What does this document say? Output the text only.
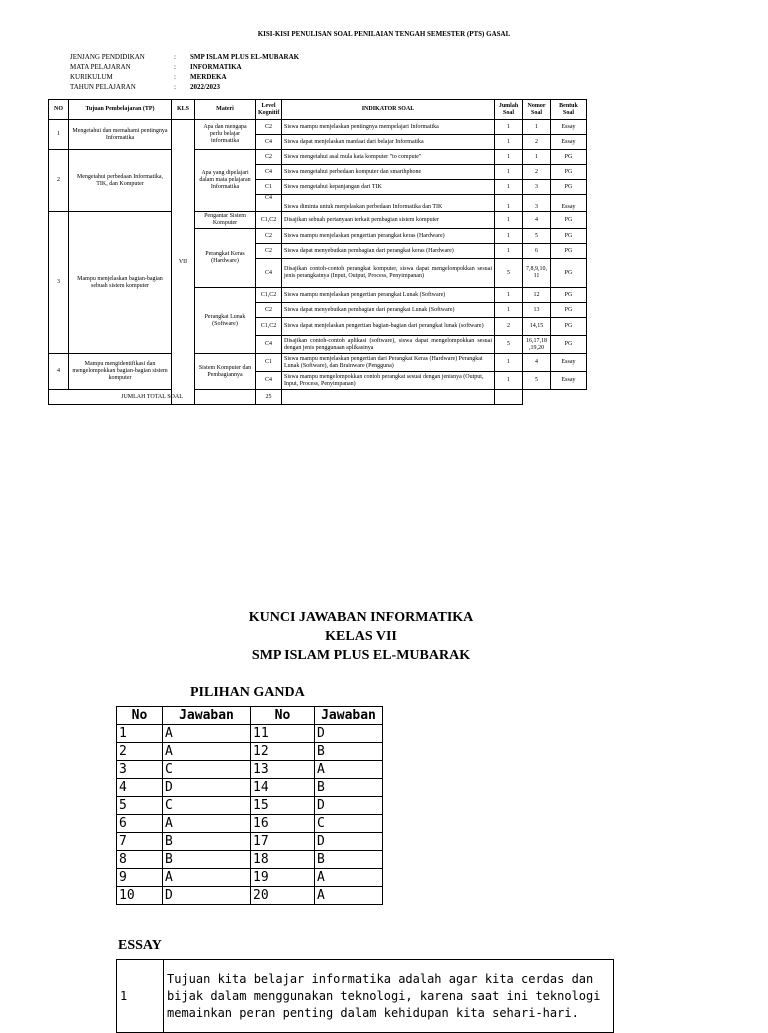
KISI-KISI PENULISAN SOAL PENILAIAN TENGAH SEMESTER (PTS) GASAL
JENJANG PENDIDIKAN	: SMP ISLAM PLUS EL-MUBARAK
MATA PELAJARAN	: INFORMATIKA
KURIKULUM	: MERDEKA
TAHUN PELAJARAN	: 2022/2023
NO	Tujuan Pembelajaran (TP)	KLS	Materi	Level Kognitif	INDIKATOR SOAL	Jumlah Soal	Nomor Soal	Bentuk Soal
1	Mengetahui dan memahami pentingnya Informatika	VII	Apa dan mengapa perlu belajar informatika	C2	Siswa mampu menjelaskan pentingnya mempelajari Informatika	1	1	Essay
				C4	Siswa dapat menjelaskan manfaat dari belajar Informatika	1	2	Essay
2	Mengetahui perbedaan Informatika, TIK, dan Komputer		Apa yang dipelajari dalam mata pelajaran Informatika	C2	Siswa mengetahui asal mula kata komputer "to compute"	1	1	PG
				C4	Siswa mengetahui perbedaan komputer dan smarthphone	1	2	PG
				C1	Siswa mengetahui kepanjangan dari TIK	1	3	PG
				C4	Siswa diminta untuk menjelaskan perbedaan Informatika dan TIK	1	3	Essay
3	Mampu menjelaskan bagian-bagian sebuah sistem komputer		Pengantar Sistem Komputer	C1,C2	Disajikan sebuah pertanyaan terkait pembagian sistem komputer	1	4	PG
			Perangkat Keras (Hardware)	C2	Siswa mampu menjelaskan pengertian perangkat keras (Hardware)	1	5	PG
				C2	Siswa dapat menyebutkan pembagian dari perangkat keras (Hardware)	1	6	PG
				C4	Disajikan contoh-contoh perangkat komputer, siswa dapat mengelompokkan sesuai jenis perangkatnya (Input, Output, Process, Penyimpanan)	5	7,8,9,10, 11	PG
			Perangkat Lunak (Software)	C1,C2	Siswa mampu menjelaskan pengertian perangkat Lunak (Software)	1	12	PG
				C2	Siswa dapat menyebutkan pembagian dari perangkat Lunak (Software)	1	13	PG
				C1,C2	Siswa dapat menjelaskan pengertian bagian-bagian dari perangkat lunak (software)	2	14,15	PG
				C4	Disajikan contoh-contoh aplikasi (software), siswa dapat mengelompokkan sesuai dengan jenis penggunaan aplikasinya	5	16,17,18 ,19,20	PG
4	Mampu mengidentifikasi dan mengelompokkan bagian-bagian sistem komputer		Sistem Komputer dan Pembagiannya	C1	Siswa mampu menjelaskan pengertian dari Perangkat Keras (Hardware) Perangkat Lunak (Software), dan Brainware (Pengguna)	1	4	Essay
				C4	Siswa mampu mengelompokkan contoh perangkat sesuai dengan jenisnya (Output, Input, Process, Penyimpanan)	1	5	Essay
JUMLAH TOTAL SOAL				25				
KUNCI JAWABAN INFORMATIKA
KELAS VII
SMP ISLAM PLUS EL-MUBARAK
PILIHAN GANDA
No	Jawaban	No	Jawaban
1	A	11	D
2	A	12	B
3	C	13	A
4	D	14	B
5	C	15	D
6	A	16	C
7	B	17	D
8	B	18	B
9	A	19	A
10	D	20	A
ESSAY
1	Tujuan kita belajar informatika adalah agar kita cerdas dan bijak dalam menggunakan teknologi, karena saat ini teknologi memainkan peran penting dalam kehidupan kita sehari-hari.
